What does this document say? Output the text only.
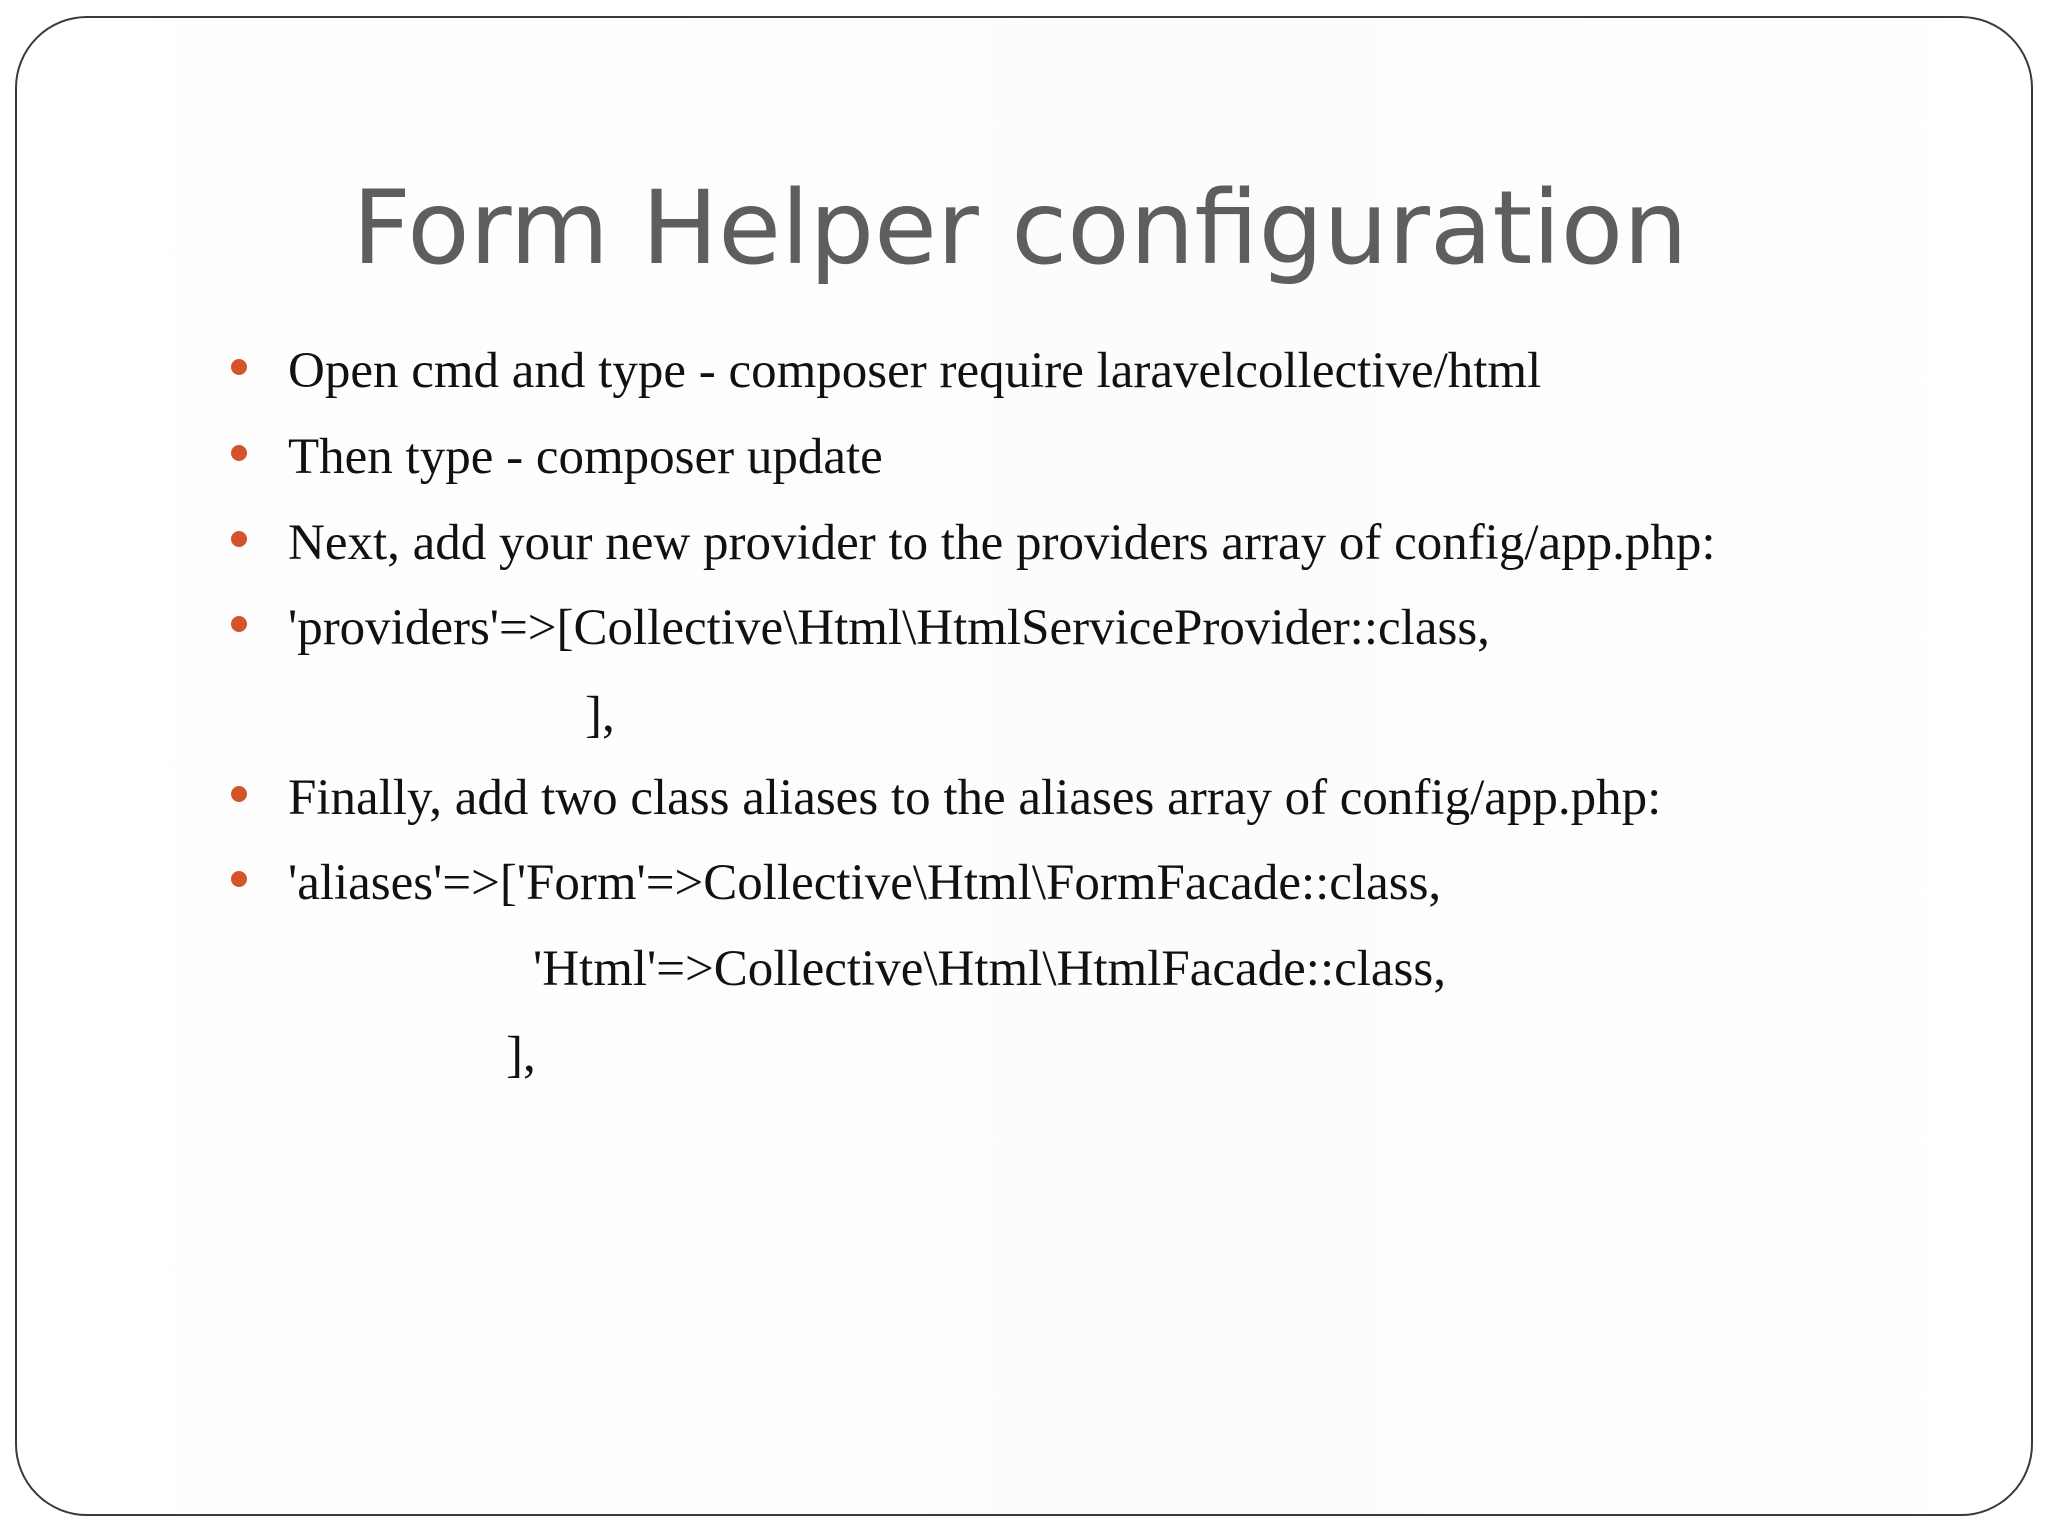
Form Helper configuration
Open cmd and type - composer require laravelcollective/html
Then type - composer update
Next, add your new provider to the providers array of config/app.php:
'providers'=>[Collective\Html\HtmlServiceProvider::class,
],
Finally, add two class aliases to the aliases array of config/app.php:
'aliases'=>['Form'=>Collective\Html\FormFacade::class,
'Html'=>Collective\Html\HtmlFacade::class,
],
